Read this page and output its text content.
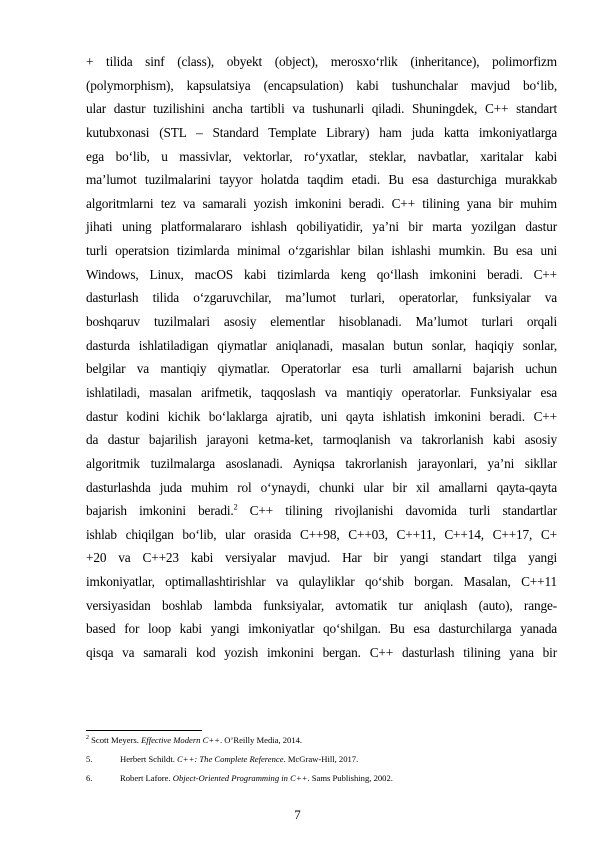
+ tilida sinf (class), obyekt (object), merosxo‘rlik (inheritance), polimorfizm
(polymorphism), kapsulatsiya (encapsulation) kabi tushunchalar mavjud bo‘lib,
ular dastur tuzilishini ancha tartibli va tushunarli qiladi. Shuningdek, C++ standart
kutubxonasi (STL – Standard Template Library) ham juda katta imkoniyatlarga
ega bo‘lib, u massivlar, vektorlar, ro‘yxatlar, steklar, navbatlar, xaritalar kabi
ma’lumot tuzilmalarini tayyor holatda taqdim etadi. Bu esa dasturchiga murakkab
algoritmlarni tez va samarali yozish imkonini beradi. C++ tilining yana bir muhim
jihati uning platformalararo ishlash qobiliyatidir, ya’ni bir marta yozilgan dastur
turli operatsion tizimlarda minimal o‘zgarishlar bilan ishlashi mumkin. Bu esa uni
Windows, Linux, macOS kabi tizimlarda keng qo‘llash imkonini beradi. C++
dasturlash tilida o‘zgaruvchilar, ma’lumot turlari, operatorlar, funksiyalar va
boshqaruv tuzilmalari asosiy elementlar hisoblanadi. Ma’lumot turlari orqali
dasturda ishlatiladigan qiymatlar aniqlanadi, masalan butun sonlar, haqiqiy sonlar,
belgilar va mantiqiy qiymatlar. Operatorlar esa turli amallarni bajarish uchun
ishlatiladi, masalan arifmetik, taqqoslash va mantiqiy operatorlar. Funksiyalar esa
dastur kodini kichik bo‘laklarga ajratib, uni qayta ishlatish imkonini beradi. C++
da dastur bajarilish jarayoni ketma-ket, tarmoqlanish va takrorlanish kabi asosiy
algoritmik tuzilmalarga asoslanadi. Ayniqsa takrorlanish jarayonlari, ya’ni sikllar
dasturlashda juda muhim rol o‘ynaydi, chunki ular bir xil amallarni qayta-qayta
bajarish imkonini beradi.$^2$ C++ tilining rivojlanishi davomida turli standartlar
ishlab chiqilgan bo‘lib, ular orasida C++98, C++03, C++11, C++14, C++17, C+
+20 va C++23 kabi versiyalar mavjud. Har bir yangi standart tilga yangi
imkoniyatlar, optimallashtirishlar va qulayliklar qo‘shib borgan. Masalan, C++11
versiyasidan boshlab lambda funksiyalar, avtomatik tur aniqlash (auto), range-
based for loop kabi yangi imkoniyatlar qo‘shilgan. Bu esa dasturchilarga yanada
qisqa va samarali kod yozish imkonini bergan. C++ dasturlash tilining yana bir
$^2$ Scott Meyers. Effective Modern C++. O’Reilly Media, 2014.
5.	Herbert Schildt. C++: The Complete Reference. McGraw-Hill, 2017.
6.	Robert Lafore. Object-Oriented Programming in C++. Sams Publishing, 2002.
7
